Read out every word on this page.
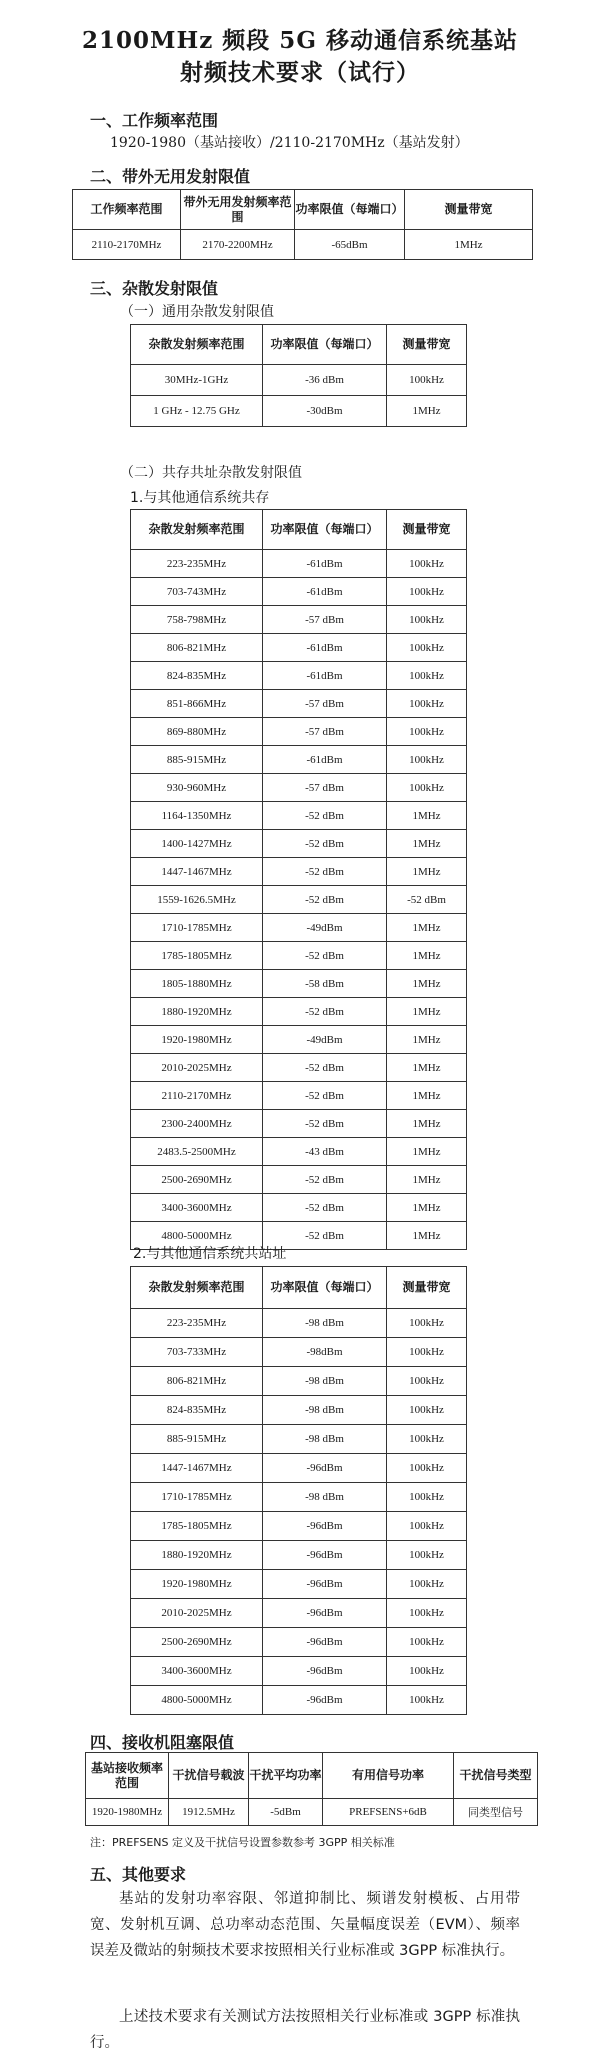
2100MHz 频段 5G 移动通信系统基站
射频技术要求（试行）
一、工作频率范围
1920-1980（基站接收）/2110-2170MHz（基站发射）
二、带外无用发射限值
工作频率范围	带外无用发射频率范围	功率限值（每端口）	测量带宽
2110-2170MHz	2170-2200MHz	-65dBm	1MHz
三、杂散发射限值
（一）通用杂散发射限值
杂散发射频率范围	功率限值（每端口）	测量带宽
30MHz-1GHz	-36 dBm	100kHz
1 GHz - 12.75 GHz	-30dBm	1MHz
（二）共存共址杂散发射限值
1.与其他通信系统共存
杂散发射频率范围	功率限值（每端口）	测量带宽
223-235MHz	-61dBm	100kHz
703-743MHz	-61dBm	100kHz
758-798MHz	-57 dBm	100kHz
806-821MHz	-61dBm	100kHz
824-835MHz	-61dBm	100kHz
851-866MHz	-57 dBm	100kHz
869-880MHz	-57 dBm	100kHz
885-915MHz	-61dBm	100kHz
930-960MHz	-57 dBm	100kHz
1164-1350MHz	-52 dBm	1MHz
1400-1427MHz	-52 dBm	1MHz
1447-1467MHz	-52 dBm	1MHz
1559-1626.5MHz	-52 dBm	-52 dBm
1710-1785MHz	-49dBm	1MHz
1785-1805MHz	-52 dBm	1MHz
1805-1880MHz	-58 dBm	1MHz
1880-1920MHz	-52 dBm	1MHz
1920-1980MHz	-49dBm	1MHz
2010-2025MHz	-52 dBm	1MHz
2110-2170MHz	-52 dBm	1MHz
2300-2400MHz	-52 dBm	1MHz
2483.5-2500MHz	-43 dBm	1MHz
2500-2690MHz	-52 dBm	1MHz
3400-3600MHz	-52 dBm	1MHz
4800-5000MHz	-52 dBm	1MHz
2.与其他通信系统共站址
杂散发射频率范围	功率限值（每端口）	测量带宽
223-235MHz	-98 dBm	100kHz
703-733MHz	-98dBm	100kHz
806-821MHz	-98 dBm	100kHz
824-835MHz	-98 dBm	100kHz
885-915MHz	-98 dBm	100kHz
1447-1467MHz	-96dBm	100kHz
1710-1785MHz	-98 dBm	100kHz
1785-1805MHz	-96dBm	100kHz
1880-1920MHz	-96dBm	100kHz
1920-1980MHz	-96dBm	100kHz
2010-2025MHz	-96dBm	100kHz
2500-2690MHz	-96dBm	100kHz
3400-3600MHz	-96dBm	100kHz
4800-5000MHz	-96dBm	100kHz
四、接收机阻塞限值
基站接收频率范围	干扰信号载波	干扰平均功率	有用信号功率	干扰信号类型
1920-1980MHz	1912.5MHz	-5dBm	PREFSENS+6dB	同类型信号
注：PREFSENS 定义及干扰信号设置参数参考 3GPP 相关标准
五、其他要求
基站的发射功率容限、邻道抑制比、频谱发射模板、占用带宽、发射机互调、总功率动态范围、矢量幅度误差（EVM）、频率误差及微站的射频技术要求按照相关行业标准或 3GPP 标准执行。
上述技术要求有关测试方法按照相关行业标准或 3GPP 标准执行。
